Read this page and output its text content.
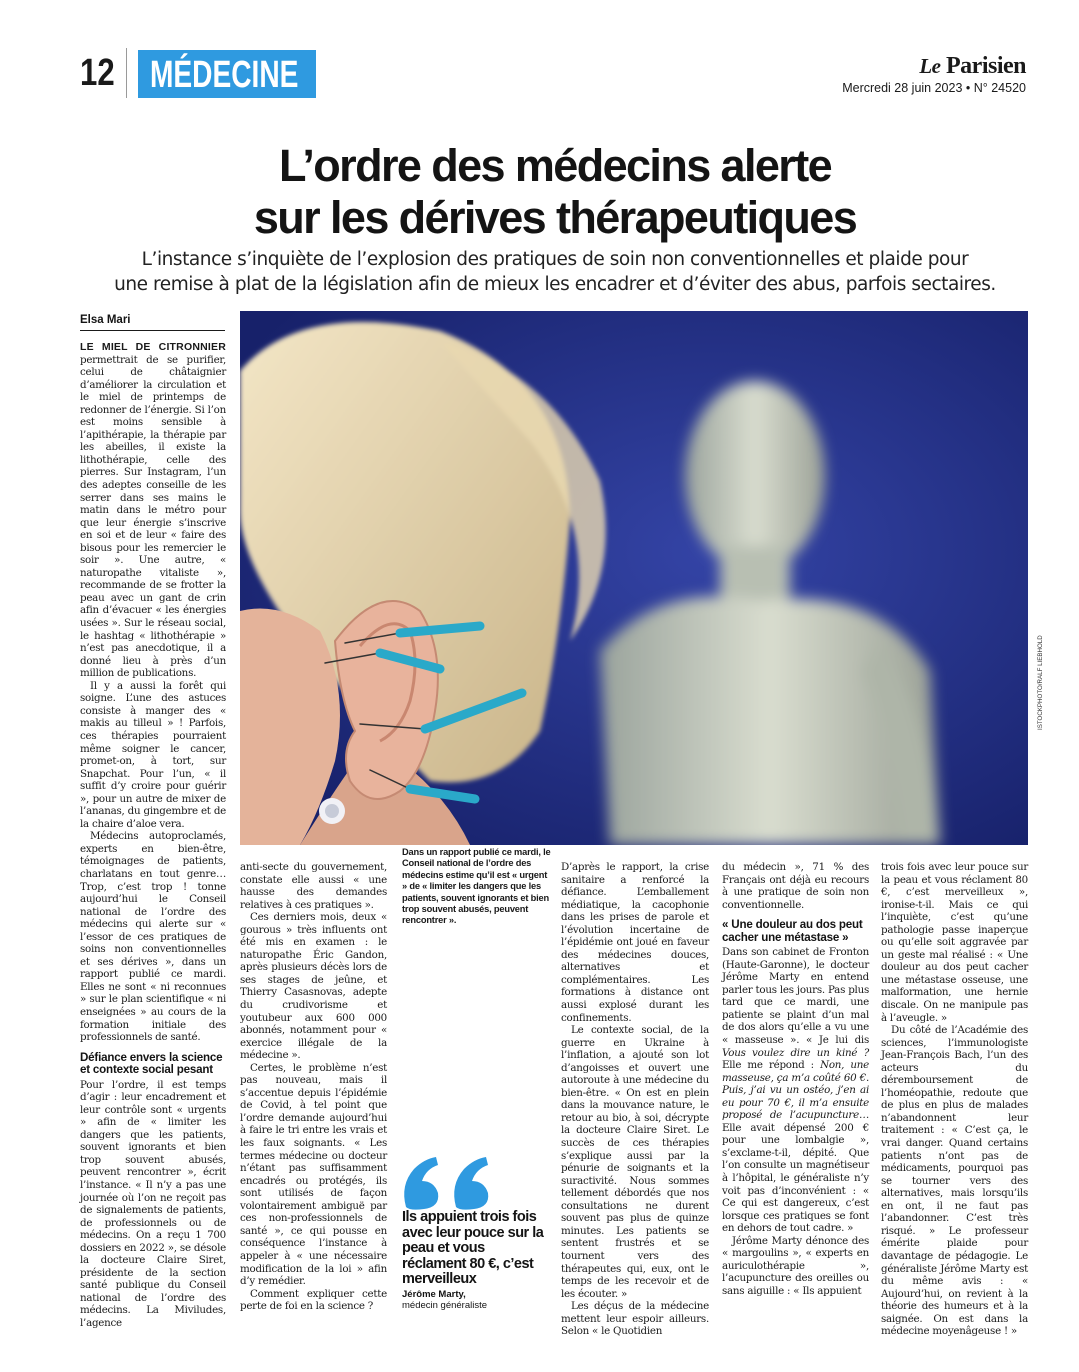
12 MÉDECINE	Le Parisien
Mercredi 28 juin 2023 • N° 24520
L’ordre des médecins alerte
sur les dérives thérapeutiques
L’instance s’inquiète de l’explosion des pratiques de soin non conventionnelles et plaide pour
une remise à plat de la législation afin de mieux les encadrer et d’éviter des abus, parfois sectaires.
Elsa Mari

LE MIEL DE CITRONNIER permettrait de se purifier, celui de châtaignier d’améliorer la circulation et le miel de printemps de redonner de l’énergie. Si l’on est moins sensible à l’apithérapie, la thérapie par les abeilles, il existe la lithothérapie, celle des pierres. Sur Instagram, l’un des adeptes conseille de les serrer dans ses mains le matin dans le métro pour que leur énergie s’inscrive en soi et de leur « faire des bisous pour les remercier le soir ». Une autre, « naturopathe vitaliste », recommande de se frotter la peau avec un gant de crin afin d’évacuer « les énergies usées ». Sur le réseau social, le hashtag « lithothérapie » n’est pas anecdotique, il a donné lieu à près d’un million de publications.

Il y a aussi la forêt qui soigne. L’une des astuces consiste à manger des « makis au tilleul » ! Parfois, ces thérapies pourraient même soigner le cancer, promet-on, à tort, sur Snapchat. Pour l’un, « il suffit d’y croire pour guérir », pour un autre de mixer de l’ananas, du gingembre et de la chaire d’aloe vera.

Médecins autoproclamés, experts en bien-être, témoignages de patients, charlatans en tout genre… Trop, c’est trop ! tonne aujourd’hui le Conseil national de l’ordre des médecins qui alerte sur « l’essor de ces pratiques de soins non conventionnelles et ses dérives », dans un rapport publié ce mardi. Elles ne sont « ni reconnues » sur le plan scientifique « ni enseignées » au cours de la formation initiale des professionnels de santé.

Défiance envers la science et contexte social pesant

Pour l’ordre, il est temps d’agir : leur encadrement et leur contrôle sont « urgents » afin de « limiter les dangers que les patients, souvent ignorants et bien trop souvent abusés, peuvent rencontrer », écrit l’instance. « Il n’y a pas une journée où l’on ne reçoit pas de signalements de patients, de professionnels ou de médecins. On a reçu 1 700 dossiers en 2022 », se désole la docteure Claire Siret, présidente de la section santé publique du Conseil national de l’ordre des médecins. La Miviludes, l’agence

ISTOCKPHOTO/RALF LIEBHOLD
Dans un rapport publié ce mardi, le Conseil national de l’ordre des médecins estime qu’il est « urgent » de « limiter les dangers que les patients, souvent ignorants et bien trop souvent abusés, peuvent rencontrer ».

anti-secte du gouvernement, constate elle aussi « une hausse des demandes relatives à ces pratiques ».

Ces derniers mois, deux « gourous » très influents ont été mis en examen : le naturopathe Éric Gandon, après plusieurs décès lors de ses stages de jeûne, et Thierry Casasnovas, adepte du crudivorisme et youtubeur aux 600 000 abonnés, notamment pour « exercice illégale de la médecine ».

Certes, le problème n’est pas nouveau, mais il s’accentue depuis l’épidémie de Covid, à tel point que l’ordre demande aujourd’hui à faire le tri entre les vrais et les faux soignants. « Les termes médecine ou docteur n’étant pas suffisamment encadrés ou protégés, ils sont utilisés de façon volontairement ambiguë par ces non-professionnels de santé », ce qui pousse en conséquence l’instance à appeler à « une nécessaire modification de la loi » afin d’y remédier.

Comment expliquer cette perte de foi en la science ?

Ils appuient trois fois avec leur pouce sur la peau et vous réclament 80 €, c’est merveilleux
Jérôme Marty,
médecin généraliste

D’après le rapport, la crise sanitaire a renforcé la défiance. L’emballement médiatique, la cacophonie dans les prises de parole et l’évolution incertaine de l’épidémie ont joué en faveur des médecines douces, alternatives et complémentaires. Les formations à distance ont aussi explosé durant les confinements.

Le contexte social, de la guerre en Ukraine à l’inflation, a ajouté son lot d’angoisses et ouvert une autoroute à une médecine du bien-être. « On est en plein dans la mouvance nature, le retour au bio, à soi, décrypte la docteure Claire Siret. Le succès de ces thérapies s’explique aussi par la pénurie de soignants et la suractivité. Nous sommes tellement débordés que nos consultations ne durent souvent pas plus de quinze minutes. Les patients se sentent frustrés et se tournent vers des thérapeutes qui, eux, ont le temps de les recevoir et de les écouter. »

Les déçus de la médecine mettent leur espoir ailleurs. Selon « le Quotidien

du médecin », 71 % des Français ont déjà eu recours à une pratique de soin non conventionnelle.

« Une douleur au dos peut cacher une métastase »

Dans son cabinet de Fronton (Haute-Garonne), le docteur Jérôme Marty en entend parler tous les jours. Pas plus tard que ce mardi, une patiente se plaint d’un mal de dos alors qu’elle a vu une « masseuse ». « Je lui dis Vous voulez dire un kiné ? Elle me répond : Non, une masseuse, ça m’a coûté 60 €. Puis, j’ai vu un ostéo, j’en ai eu pour 70 €, il m’a ensuite proposé de l’acupuncture… Elle avait dépensé 200 € pour une lombalgie », s’exclame-t-il, dépité. Que l’on consulte un magnétiseur à l’hôpital, le généraliste n’y voit pas d’inconvénient : « Ce qui est dangereux, c’est lorsque ces pratiques se font en dehors de tout cadre. »

Jérôme Marty dénonce des « margoulins », « experts en auriculothérapie », l’acupuncture des oreilles ou sans aiguille : « Ils appuient

trois fois avec leur pouce sur la peau et vous réclament 80 €, c’est merveilleux », ironise-t-il. Mais ce qui l’inquiète, c’est qu’une pathologie passe inaperçue ou qu’elle soit aggravée par un geste mal réalisé : « Une douleur au dos peut cacher une métastase osseuse, une malformation, une hernie discale. On ne manipule pas à l’aveugle. »

Du côté de l’Académie des sciences, l’immunologiste Jean-François Bach, l’un des acteurs du déremboursement de l’homéopathie, redoute que de plus en plus de malades n’abandonnent leur traitement : « C’est ça, le vrai danger. Quand certains patients n’ont pas de médicaments, pourquoi pas se tourner vers des alternatives, mais lorsqu’ils en ont, il ne faut pas l’abandonner. C’est très risqué. » Le professeur émérite plaide pour davantage de pédagogie. Le généraliste Jérôme Marty est du même avis : « Aujourd’hui, on revient à la théorie des humeurs et à la saignée. On est dans la médecine moyenâgeuse ! »
